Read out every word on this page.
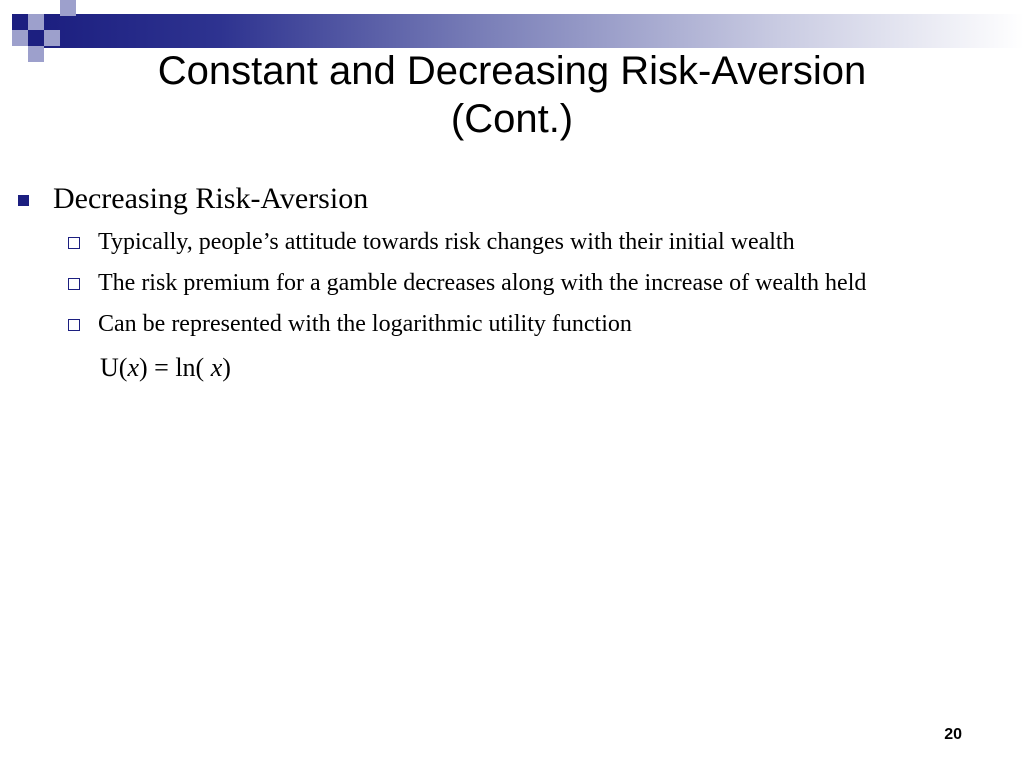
Constant and Decreasing Risk-Aversion
(Cont.)
Decreasing Risk-Aversion
Typically, people’s attitude towards risk changes with their initial wealth
The risk premium for a gamble decreases along with the increase of wealth held
Can be represented with the logarithmic utility function
U(x) = ln( x)
20
